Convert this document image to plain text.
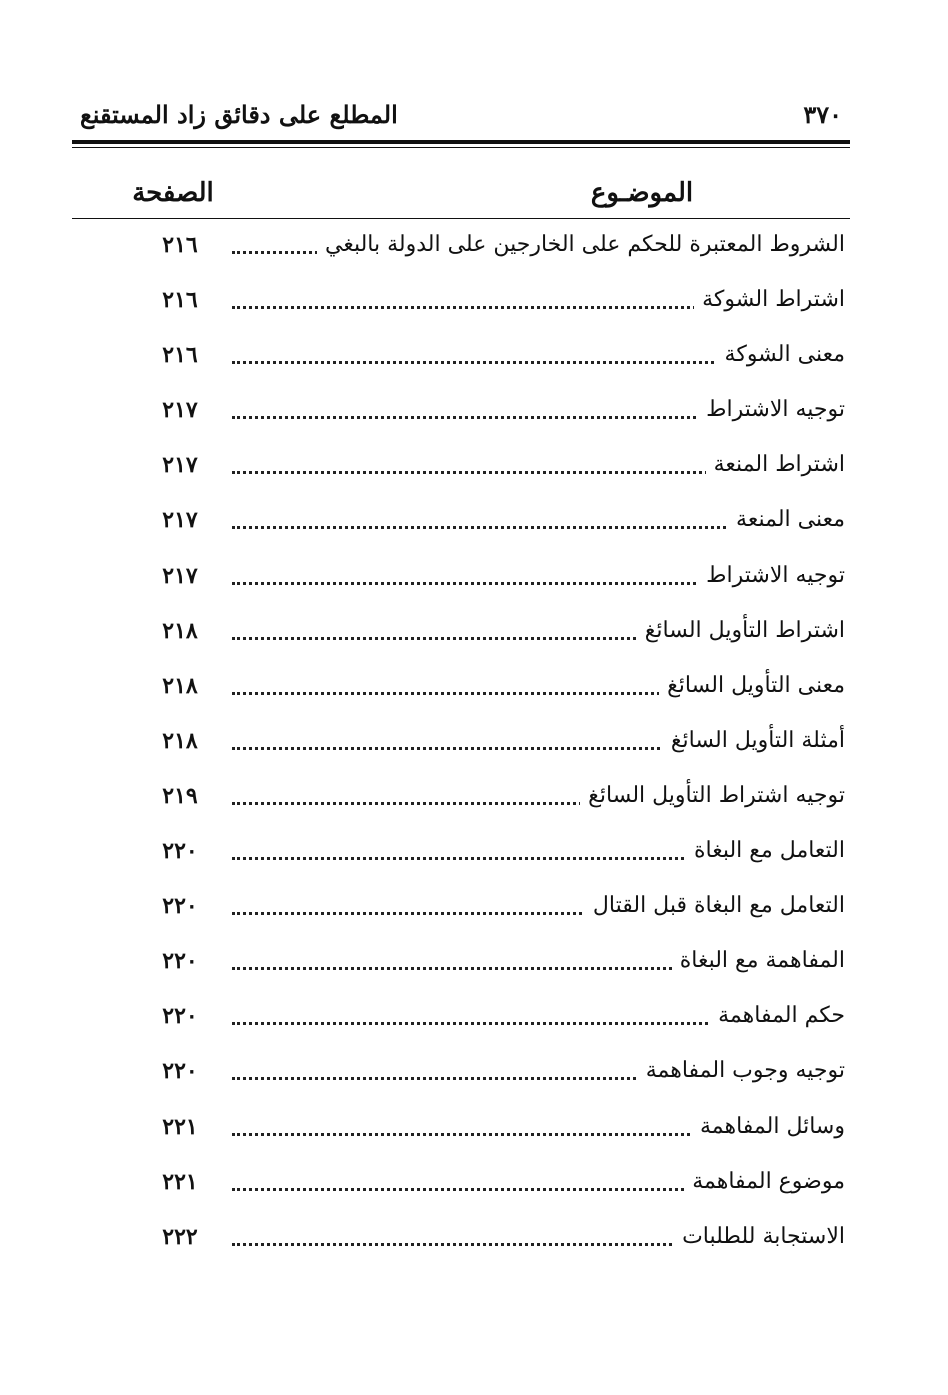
٣٧٠
المطلع على دقائق زاد المستقنع
الموضـوع
الصفحة
الشروط المعتبرة للحكم على الخارجين على الدولة بالبغي
٢١٦
اشتراط الشوكة
٢١٦
معنى الشوكة
٢١٦
توجيه الاشتراط
٢١٧
اشتراط المنعة
٢١٧
معنى المنعة
٢١٧
توجيه الاشتراط
٢١٧
اشتراط التأويل السائغ
٢١٨
معنى التأويل السائغ
٢١٨
أمثلة التأويل السائغ
٢١٨
توجيه اشتراط التأويل السائغ
٢١٩
التعامل مع البغاة
٢٢٠
التعامل مع البغاة قبل القتال
٢٢٠
المفاهمة مع البغاة
٢٢٠
حكم المفاهمة
٢٢٠
توجيه وجوب المفاهمة
٢٢٠
وسائل المفاهمة
٢٢١
موضوع المفاهمة
٢٢١
الاستجابة للطلبات
٢٢٢
